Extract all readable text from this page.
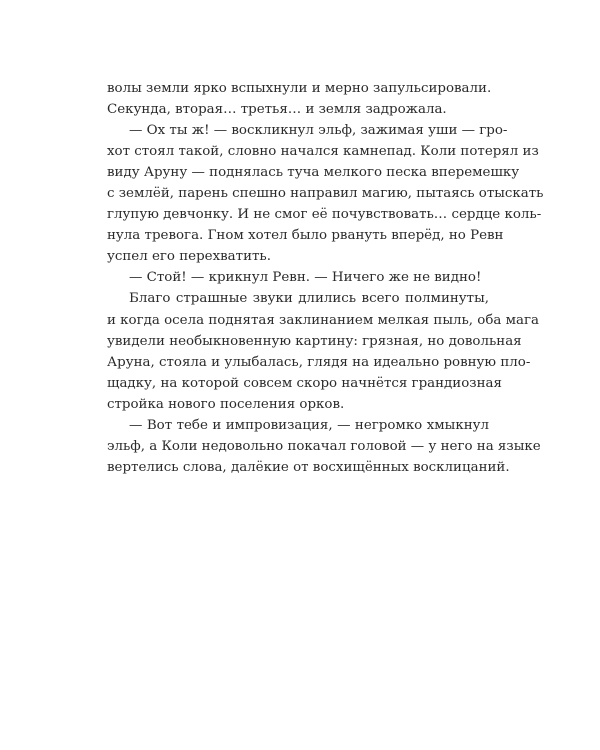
волы земли ярко вспыхнули и мерно запульсировали.
Секунда, вторая… третья… и земля задрожала.
— Ох ты ж! — воскликнул эльф, зажимая уши — гро-
хот стоял такой, словно начался камнепад. Коли потерял из
виду Аруну — поднялась туча мелкого песка вперемешку
с землёй, парень спешно направил магию, пытаясь отыскать
глупую девчонку. И не смог её почувствовать… сердце коль-
нула тревога. Гном хотел было рвануть вперёд, но Ревн
успел его перехватить.
— Стой! — крикнул Ревн. — Ничего же не видно!
Благо страшные звуки длились всего полминуты,
и когда осела поднятая заклинанием мелкая пыль, оба мага
увидели необыкновенную картину: грязная, но довольная
Аруна, стояла и улыбалась, глядя на идеально ровную пло-
щадку, на которой совсем скоро начнётся грандиозная
стройка нового поселения орков.
— Вот тебе и импровизация, — негромко хмыкнул
эльф, а Коли недовольно покачал головой — у него на языке
вертелись слова, далёкие от восхищённых восклицаний.
